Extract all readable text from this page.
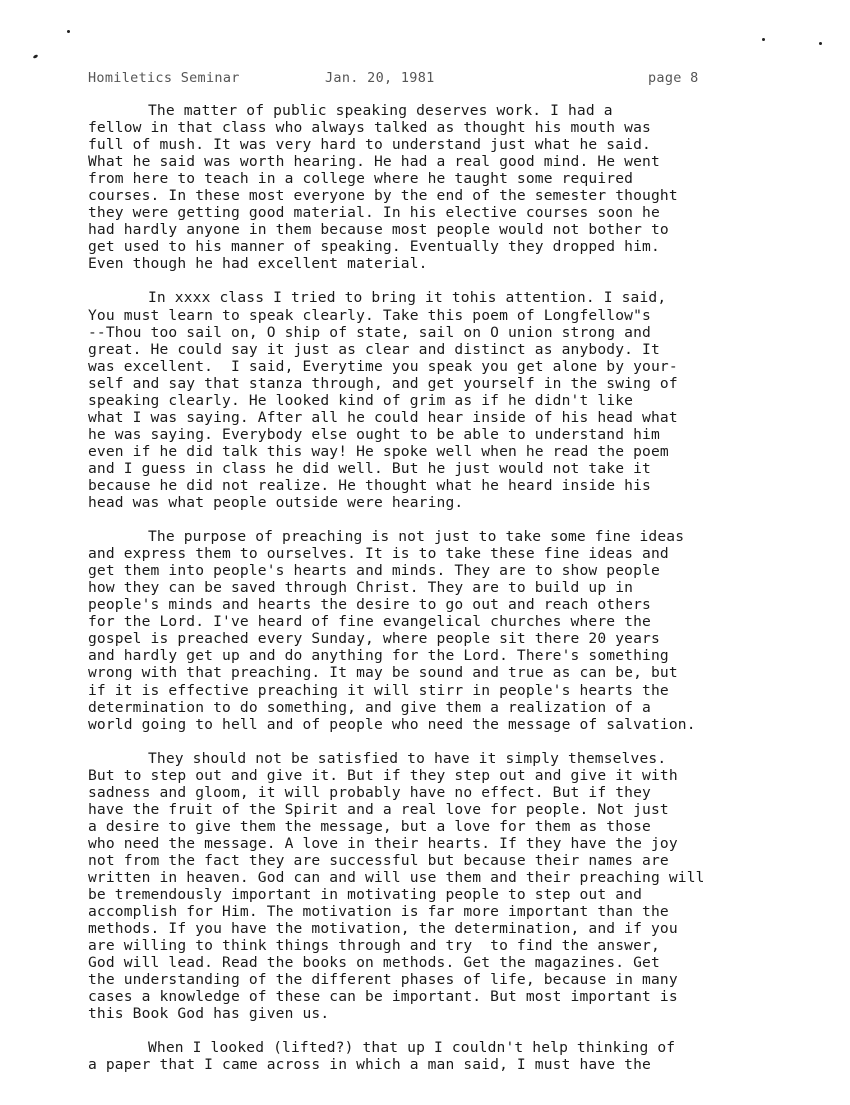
Homiletics Seminar	Jan. 20, 1981	page 8
The matter of public speaking deserves work. I had a
fellow in that class who always talked as thought his mouth was
full of mush. It was very hard to understand just what he said.
What he said was worth hearing. He had a real good mind. He went
from here to teach in a college where he taught some required
courses. In these most everyone by the end of the semester thought
they were getting good material. In his elective courses soon he
had hardly anyone in them because most people would not bother to
get used to his manner of speaking. Eventually they dropped him.
Even though he had excellent material.
In xxxx class I tried to bring it tohis attention. I said,
You must learn to speak clearly. Take this poem of Longfellow"s
--Thou too sail on, O ship of state, sail on O union strong and
great. He could say it just as clear and distinct as anybody. It
was excellent.  I said, Everytime you speak you get alone by your-
self and say that stanza through, and get yourself in the swing of
speaking clearly. He looked kind of grim as if he didn't like
what I was saying. After all he could hear inside of his head what
he was saying. Everybody else ought to be able to understand him
even if he did talk this way! He spoke well when he read the poem
and I guess in class he did well. But he just would not take it
because he did not realize. He thought what he heard inside his
head was what people outside were hearing.
The purpose of preaching is not just to take some fine ideas
and express them to ourselves. It is to take these fine ideas and
get them into people's hearts and minds. They are to show people
how they can be saved through Christ. They are to build up in
people's minds and hearts the desire to go out and reach others
for the Lord. I've heard of fine evangelical churches where the
gospel is preached every Sunday, where people sit there 20 years
and hardly get up and do anything for the Lord. There's something
wrong with that preaching. It may be sound and true as can be, but
if it is effective preaching it will stirr in people's hearts the
determination to do something, and give them a realization of a
world going to hell and of people who need the message of salvation.
They should not be satisfied to have it simply themselves.
But to step out and give it. But if they step out and give it with
sadness and gloom, it will probably have no effect. But if they
have the fruit of the Spirit and a real love for people. Not just
a desire to give them the message, but a love for them as those
who need the message. A love in their hearts. If they have the joy
not from the fact they are successful but because their names are
written in heaven. God can and will use them and their preaching will
be tremendously important in motivating people to step out and
accomplish for Him. The motivation is far more important than the
methods. If you have the motivation, the determination, and if you
are willing to think things through and try  to find the answer,
God will lead. Read the books on methods. Get the magazines. Get
the understanding of the different phases of life, because in many
cases a knowledge of these can be important. But most important is
this Book God has given us.
When I looked (lifted?) that up I couldn't help thinking of
a paper that I came across in which a man said, I must have the
